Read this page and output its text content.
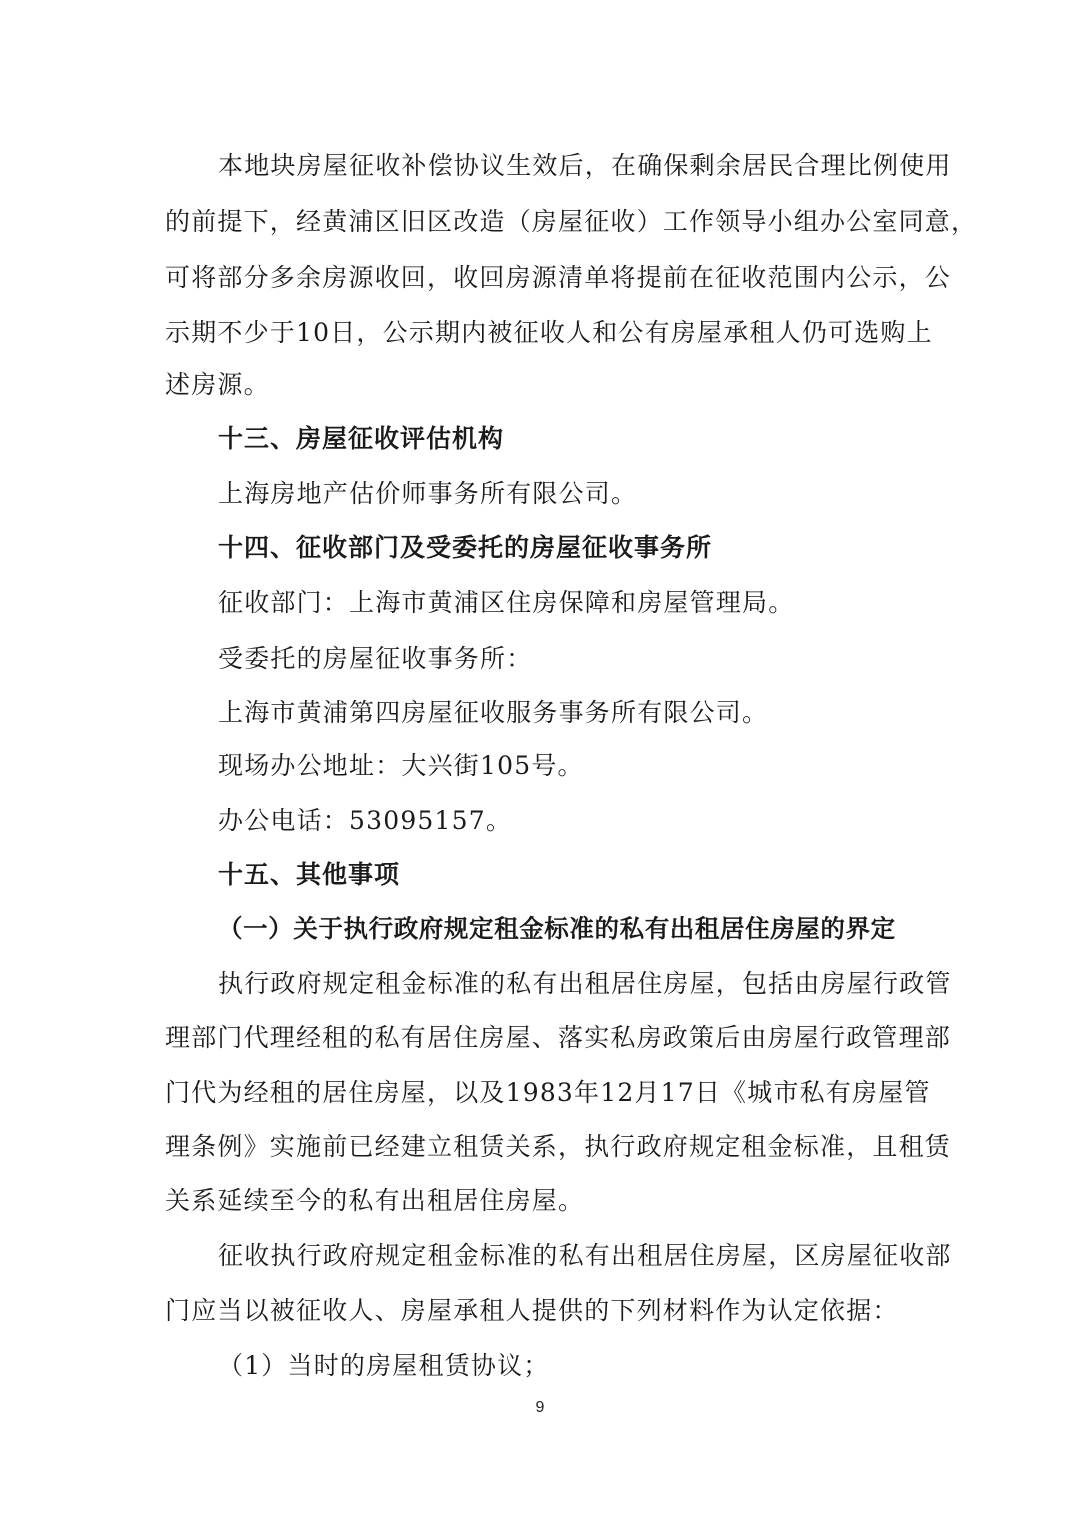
本地块房屋征收补偿协议生效后，在确保剩余居民合理比例使用
的前提下，经黄浦区旧区改造（房屋征收）工作领导小组办公室同意，
可将部分多余房源收回，收回房源清单将提前在征收范围内公示，公
示期不少于10日，公示期内被征收人和公有房屋承租人仍可选购上
述房源。
十三、房屋征收评估机构
上海房地产估价师事务所有限公司。
十四、征收部门及受委托的房屋征收事务所
征收部门：上海市黄浦区住房保障和房屋管理局。
受委托的房屋征收事务所：
上海市黄浦第四房屋征收服务事务所有限公司。
现场办公地址：大兴街105号。
办公电话：53095157。
十五、其他事项
（一）关于执行政府规定租金标准的私有出租居住房屋的界定
执行政府规定租金标准的私有出租居住房屋，包括由房屋行政管
理部门代理经租的私有居住房屋、落实私房政策后由房屋行政管理部
门代为经租的居住房屋，以及1983年12月17日《城市私有房屋管
理条例》实施前已经建立租赁关系，执行政府规定租金标准，且租赁
关系延续至今的私有出租居住房屋。
征收执行政府规定租金标准的私有出租居住房屋，区房屋征收部
门应当以被征收人、房屋承租人提供的下列材料作为认定依据：
（1）当时的房屋租赁协议；
9
